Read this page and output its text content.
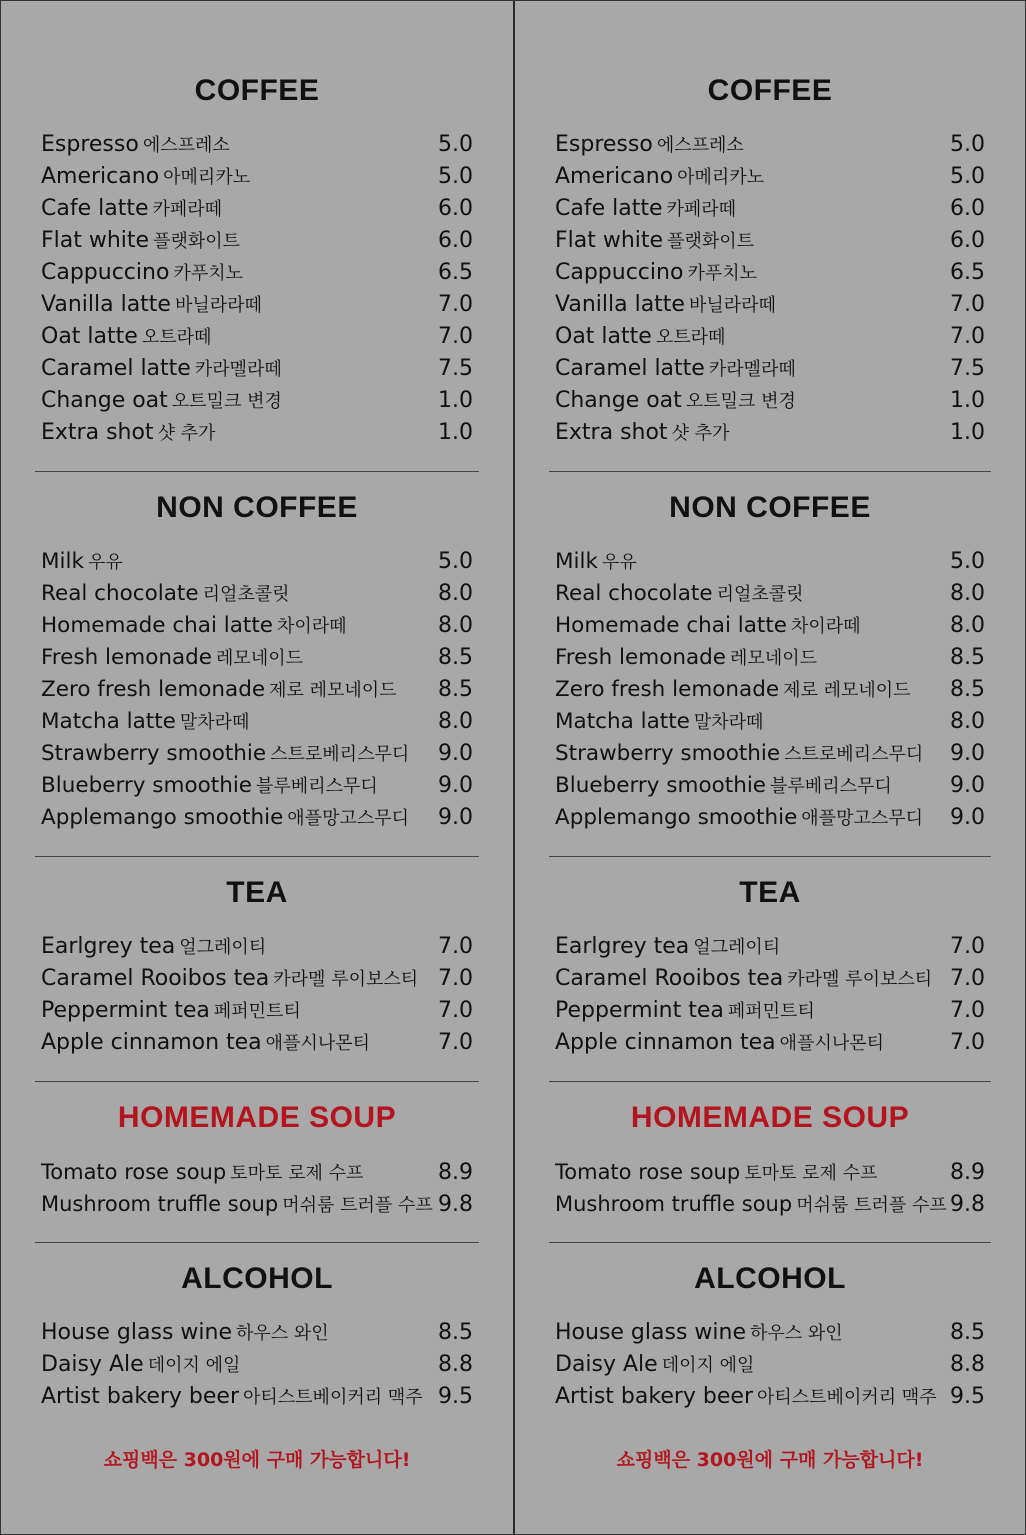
COFFEE
Espresso 에스프레소	5.0
Americano 아메리카노	5.0
Cafe latte 카페라떼	6.0
Flat white 플랫화이트	6.0
Cappuccino 카푸치노	6.5
Vanilla latte 바닐라라떼	7.0
Oat latte 오트라떼	7.0
Caramel latte 카라멜라떼	7.5
Change oat 오트밀크 변경	1.0
Extra shot 샷 추가	1.0
NON COFFEE
Milk 우유	5.0
Real chocolate 리얼초콜릿	8.0
Homemade chai latte 차이라떼	8.0
Fresh lemonade 레모네이드	8.5
Zero fresh lemonade 제로 레모네이드 8.5
Matcha latte 말차라떼	8.0
Strawberry smoothie 스트로베리스무디 9.0
Blueberry smoothie 블루베리스무디	9.0
Applemango smoothie 애플망고스무디 9.0
TEA
Earlgrey tea 얼그레이티	7.0
Caramel Rooibos tea 카라멜 루이보스티 7.0
Peppermint tea 페퍼민트티	7.0
Apple cinnamon tea 애플시나몬티	7.0
HOMEMADE SOUP
Tomato rose soup 토마토 로제 수프	8.9
Mushroom truffle soup 머쉬룸 트러플 수프 9.8
ALCOHOL
House glass wine 하우스 와인	8.5
Daisy Ale 데이지 에일	8.8
Artist bakery beer 아티스트베이커리 맥주 9.5
쇼핑백은 300원에 구매 가능합니다!
COFFEE
Espresso 에스프레소	5.0
Americano 아메리카노	5.0
Cafe latte 카페라떼	6.0
Flat white 플랫화이트	6.0
Cappuccino 카푸치노	6.5
Vanilla latte 바닐라라떼	7.0
Oat latte 오트라떼	7.0
Caramel latte 카라멜라떼	7.5
Change oat 오트밀크 변경	1.0
Extra shot 샷 추가	1.0
NON COFFEE
Milk 우유	5.0
Real chocolate 리얼초콜릿	8.0
Homemade chai latte 차이라떼	8.0
Fresh lemonade 레모네이드	8.5
Zero fresh lemonade 제로 레모네이드 8.5
Matcha latte 말차라떼	8.0
Strawberry smoothie 스트로베리스무디 9.0
Blueberry smoothie 블루베리스무디	9.0
Applemango smoothie 애플망고스무디 9.0
TEA
Earlgrey tea 얼그레이티	7.0
Caramel Rooibos tea 카라멜 루이보스티 7.0
Peppermint tea 페퍼민트티	7.0
Apple cinnamon tea 애플시나몬티	7.0
HOMEMADE SOUP
Tomato rose soup 토마토 로제 수프	8.9
Mushroom truffle soup 머쉬룸 트러플 수프 9.8
ALCOHOL
House glass wine 하우스 와인	8.5
Daisy Ale 데이지 에일	8.8
Artist bakery beer 아티스트베이커리 맥주 9.5
쇼핑백은 300원에 구매 가능합니다!
